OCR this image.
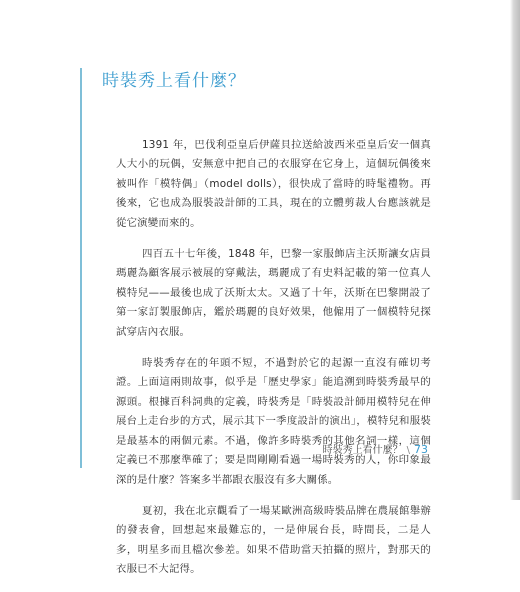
時裝秀上看什麼？

1391 年，巴伐利亞皇后伊薩貝拉送給波西米亞皇后安一個真人大小的玩偶，安無意中把自己的衣服穿在它身上，這個玩偶後來被叫作「模特偶」（model dolls），很快成了當時的時髦禮物。再後來，它也成為服裝設計師的工具，現在的立體剪裁人台應該就是從它演變而來的。

四百五十七年後，1848 年，巴黎一家服飾店主沃斯讓女店員瑪麗為顧客展示被展的穿戴法，瑪麗成了有史料記載的第一位真人模特兒——最後也成了沃斯太太。又過了十年，沃斯在巴黎開設了第一家訂製服飾店，鑑於瑪麗的良好效果，他僱用了一個模特兒探試穿店內衣服。

時裝秀存在的年頭不短，不過對於它的起源一直沒有確切考證。上面這兩則故事，似乎是「歷史學家」能追溯到時裝秀最早的源頭。根據百科詞典的定義，時裝秀是「時裝設計師用模特兒在伸展台上走台步的方式，展示其下一季度設計的演出」，模特兒和服裝是最基本的兩個元素。不過，像許多時裝秀的其他名詞一樣，這個定義已不那麼準確了；要是問剛剛看過一場時裝秀的人，你印象最深的是什麼？答案多半都跟衣服沒有多大關係。

夏初，我在北京觀看了一場某歐洲高級時裝品牌在農展館舉辦的發表會，回想起來最難忘的，一是伸展台長，時間長，二是人多，明星多而且檔次參差。如果不借助當天拍攝的照片，對那天的衣服已不大記得。

時裝秀上看什麼？ \ 73
